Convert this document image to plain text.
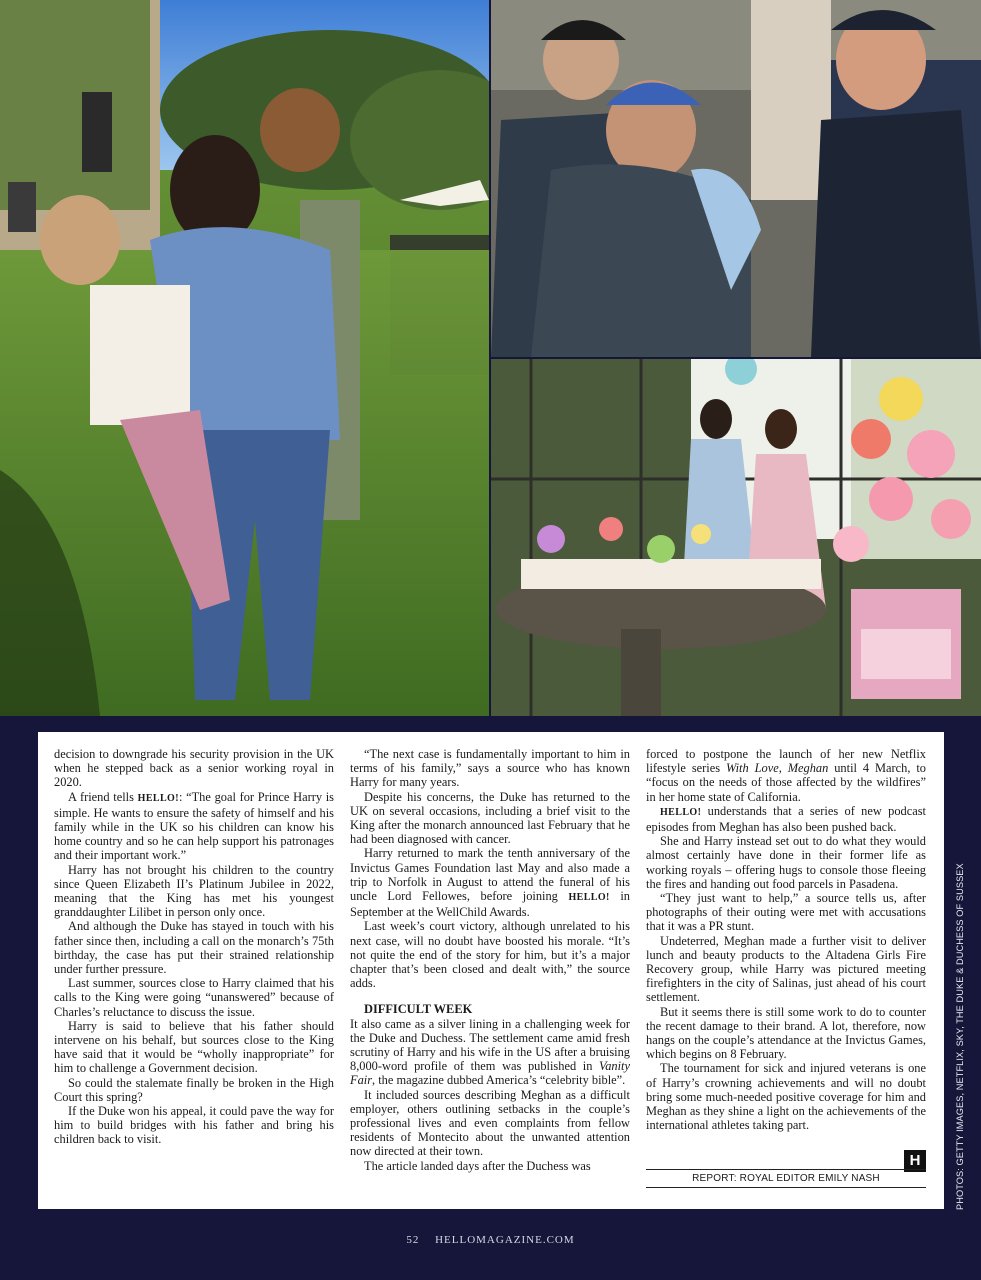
decision to downgrade his security provision in the UK when he stepped back as a senior working royal in 2020.

A friend tells HELLO!: “The goal for Prince Harry is simple. He wants to ensure the safety of himself and his family while in the UK so his children can know his home country and so he can help support his patronages and their important work.”

Harry has not brought his children to the country since Queen Elizabeth II’s Platinum Jubilee in 2022, meaning that the King has met his youngest granddaughter Lilibet in person only once.

And although the Duke has stayed in touch with his father since then, including a call on the monarch’s 75th birthday, the case has put their strained relationship under further pressure.

Last summer, sources close to Harry claimed that his calls to the King were going “unanswered” because of Charles’s reluctance to discuss the issue.

Harry is said to believe that his father should intervene on his behalf, but sources close to the King have said that it would be “wholly inappropriate” for him to challenge a Government decision.

So could the stalemate finally be broken in the High Court this spring?

If the Duke won his appeal, it could pave the way for him to build bridges with his father and bring his children back to visit.

“The next case is fundamentally important to him in terms of his family,” says a source who has known Harry for many years.

Despite his concerns, the Duke has returned to the UK on several occasions, including a brief visit to the King after the monarch announced last February that he had been diagnosed with cancer.

Harry returned to mark the tenth anniversary of the Invictus Games Foundation last May and also made a trip to Norfolk in August to attend the funeral of his uncle Lord Fellowes, before joining HELLO! in September at the WellChild Awards.

Last week’s court victory, although unrelated to his next case, will no doubt have boosted his morale. “It’s not quite the end of the story for him, but it’s a major chapter that’s been closed and dealt with,” the source adds.

DIFFICULT WEEK

It also came as a silver lining in a challenging week for the Duke and Duchess. The settlement came amid fresh scrutiny of Harry and his wife in the US after a bruising 8,000-word profile of them was published in Vanity Fair, the magazine dubbed America’s “celebrity bible”.

It included sources describing Meghan as a difficult employer, others outlining setbacks in the couple’s professional lives and even complaints from fellow residents of Montecito about the unwanted attention now directed at their town.

The article landed days after the Duchess was

forced to postpone the launch of her new Netflix lifestyle series With Love, Meghan until 4 March, to “focus on the needs of those affected by the wildfires” in her home state of California.

HELLO! understands that a series of new podcast episodes from Meghan has also been pushed back.

She and Harry instead set out to do what they would almost certainly have done in their former life as working royals – offering hugs to console those fleeing the fires and handing out food parcels in Pasadena.

“They just want to help,” a source tells us, after photographs of their outing were met with accusations that it was a PR stunt.

Undeterred, Meghan made a further visit to deliver lunch and beauty products to the Altadena Girls Fire Recovery group, while Harry was pictured meeting firefighters in the city of Salinas, just ahead of his court settlement.

But it seems there is still some work to do to counter the recent damage to their brand. A lot, therefore, now hangs on the couple’s attendance at the Invictus Games, which begins on 8 February.

The tournament for sick and injured veterans is one of Harry’s crowning achievements and will no doubt bring some much-needed positive coverage for him and Meghan as they shine a light on the achievements of the international athletes taking part.

H
REPORT: ROYAL EDITOR EMILY NASH	PHOTOS: GETTY IMAGES, NETFLIX, SKY, THE DUKE & DUCHESS OF SUSSEX
52 HELLOMAGAZINE.COM
